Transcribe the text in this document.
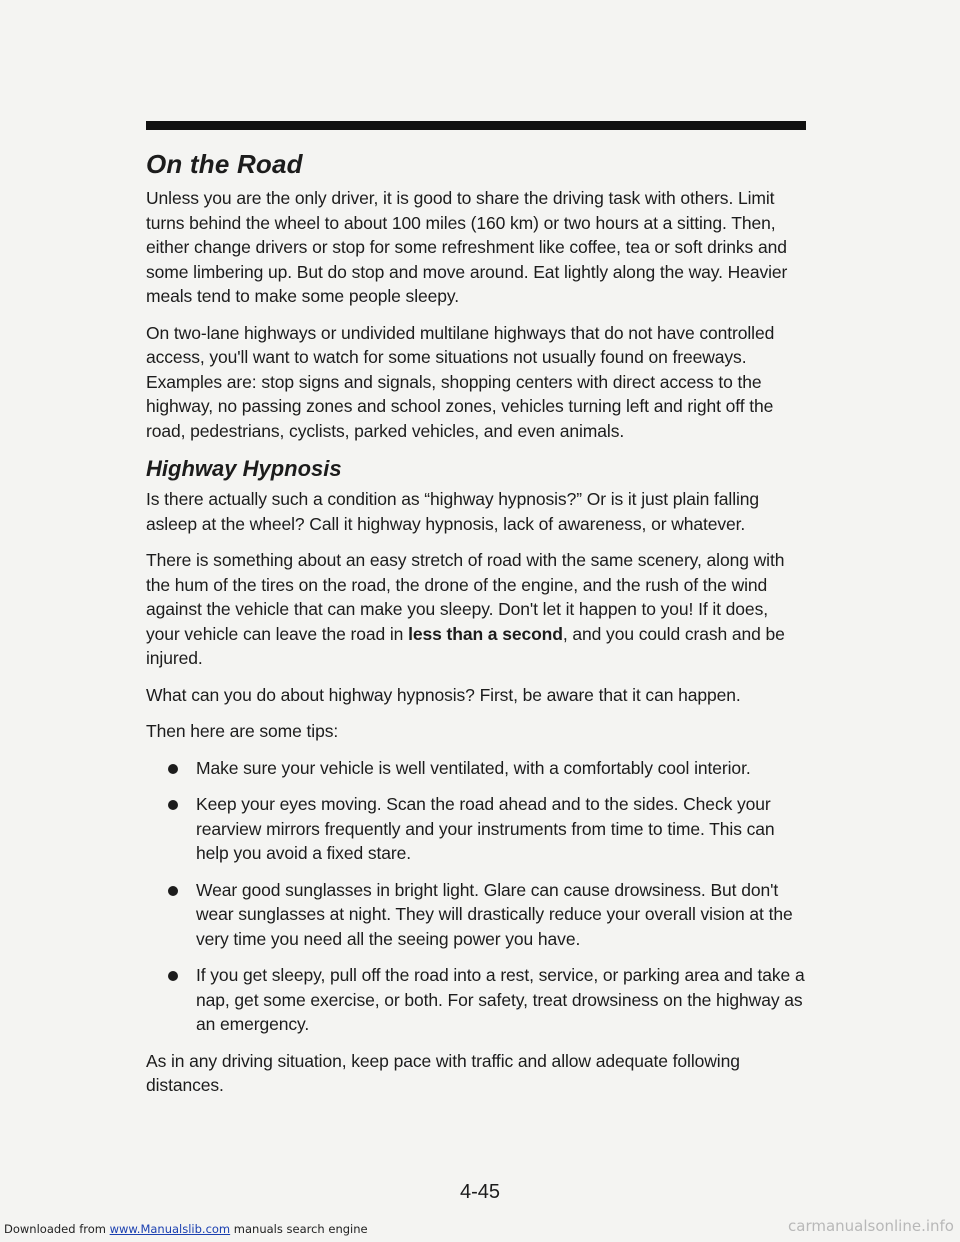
On the Road

Unless you are the only driver, it is good to share the driving task with others. Limit turns behind the wheel to about 100 miles (160 km) or two hours at a sitting. Then, either change drivers or stop for some refreshment like coffee, tea or soft drinks and some limbering up. But do stop and move around. Eat lightly along the way. Heavier meals tend to make some people sleepy.

On two-lane highways or undivided multilane highways that do not have controlled access, you'll want to watch for some situations not usually found on freeways. Examples are: stop signs and signals, shopping centers with direct access to the highway, no passing zones and school zones, vehicles turning left and right off the road, pedestrians, cyclists, parked vehicles, and even animals.

Highway Hypnosis

Is there actually such a condition as “highway hypnosis?” Or is it just plain falling asleep at the wheel? Call it highway hypnosis, lack of awareness, or whatever.

There is something about an easy stretch of road with the same scenery, along with the hum of the tires on the road, the drone of the engine, and the rush of the wind against the vehicle that can make you sleepy. Don't let it happen to you! If it does, your vehicle can leave the road in less than a second, and you could crash and be injured.

What can you do about highway hypnosis? First, be aware that it can happen.

Then here are some tips:

Make sure your vehicle is well ventilated, with a comfortably cool interior.
Keep your eyes moving. Scan the road ahead and to the sides. Check your rearview mirrors frequently and your instruments from time to time. This can help you avoid a fixed stare.
Wear good sunglasses in bright light. Glare can cause drowsiness. But don't wear sunglasses at night. They will drastically reduce your overall vision at the very time you need all the seeing power you have.
If you get sleepy, pull off the road into a rest, service, or parking area and take a nap, get some exercise, or both. For safety, treat drowsiness on the highway as an emergency.

As in any driving situation, keep pace with traffic and allow adequate following distances.

4-45
Downloaded from www.Manualslib.com manuals search engine	carmanualsonline.info
